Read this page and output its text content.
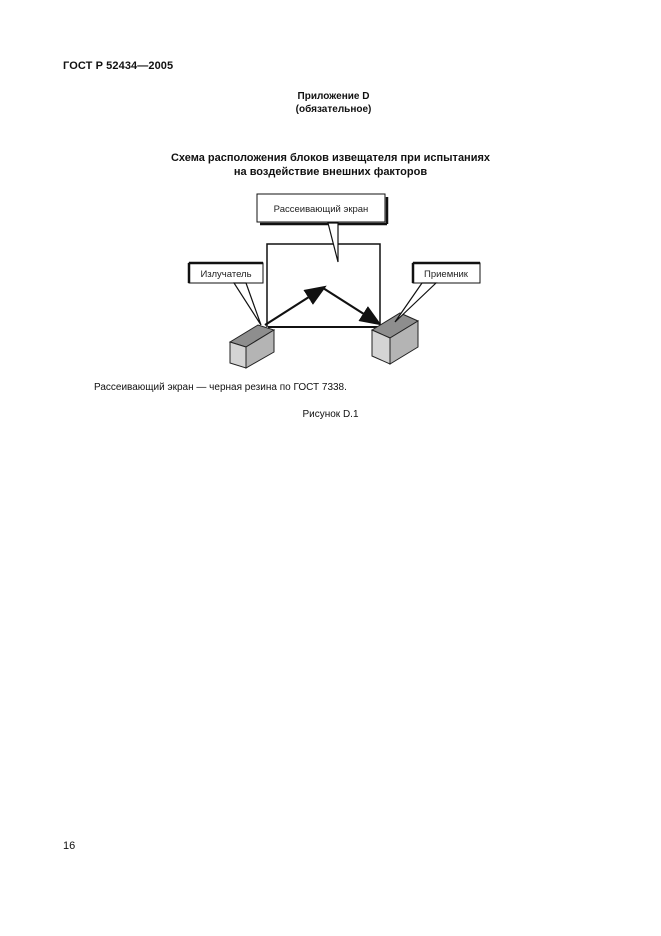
ГОСТ Р 52434—2005
Приложение D
(обязательное)
Схема расположения блоков извещателя при испытаниях
на воздействие внешних факторов
Рассеивающий экран
Излучатель	Приемник
Рассеивающий экран — черная резина по ГОСТ 7338.
Рисунок D.1
16
